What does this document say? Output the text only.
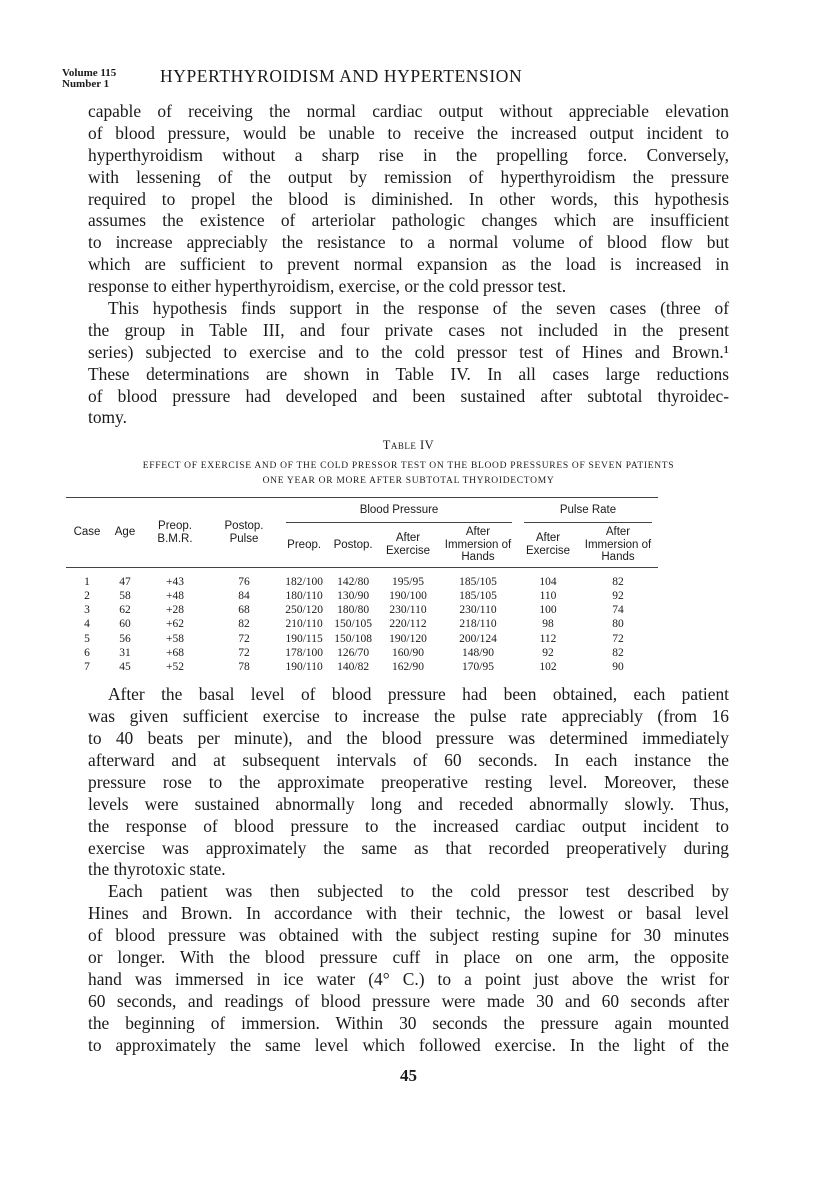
Volume 115
Number 1	HYPERTHYROIDISM AND HYPERTENSION
capable of receiving the normal cardiac output without appreciable elevation
of blood pressure, would be unable to receive the increased output incident to
hyperthyroidism without a sharp rise in the propelling force. Conversely,
with lessening of the output by remission of hyperthyroidism the pressure
required to propel the blood is diminished. In other words, this hypothesis
assumes the existence of arteriolar pathologic changes which are insufficient
to increase appreciably the resistance to a normal volume of blood flow but
which are sufficient to prevent normal expansion as the load is increased in
response to either hyperthyroidism, exercise, or the cold pressor test.
This hypothesis finds support in the response of the seven cases (three of
the group in Table III, and four private cases not included in the present
series) subjected to exercise and to the cold pressor test of Hines and Brown.¹
These determinations are shown in Table IV. In all cases large reductions
of blood pressure had developed and been sustained after subtotal thyroidec-
tomy.
Table IV
EFFECT OF EXERCISE AND OF THE COLD PRESSOR TEST ON THE BLOOD PRESSURES OF SEVEN PATIENTS
ONE YEAR OR MORE AFTER SUBTOTAL THYROIDECTOMY
Case	Age	Preop. B.M.R.	Postop. Pulse	Blood Pressure				Pulse Rate	

				Preop.	Postop.	After Exercise	After Immersion of Hands	After Exercise	After Immersion of Hands
1	47	+43	76	182/100	142/80	195/95	185/105	104	82
2	58	+48	84	180/110	130/90	190/100	185/105	110	92
3	62	+28	68	250/120	180/80	230/110	230/110	100	74
4	60	+62	82	210/110	150/105	220/112	218/110	98	80
5	56	+58	72	190/115	150/108	190/120	200/124	112	72
6	31	+68	72	178/100	126/70	160/90	148/90	92	82
7	45	+52	78	190/110	140/82	162/90	170/95	102	90
After the basal level of blood pressure had been obtained, each patient
was given sufficient exercise to increase the pulse rate appreciably (from 16
to 40 beats per minute), and the blood pressure was determined immediately
afterward and at subsequent intervals of 60 seconds. In each instance the
pressure rose to the approximate preoperative resting level. Moreover, these
levels were sustained abnormally long and receded abnormally slowly. Thus,
the response of blood pressure to the increased cardiac output incident to
exercise was approximately the same as that recorded preoperatively during
the thyrotoxic state.
Each patient was then subjected to the cold pressor test described by
Hines and Brown. In accordance with their technic, the lowest or basal level
of blood pressure was obtained with the subject resting supine for 30 minutes
or longer. With the blood pressure cuff in place on one arm, the opposite
hand was immersed in ice water (4° C.) to a point just above the wrist for
60 seconds, and readings of blood pressure were made 30 and 60 seconds after
the beginning of immersion. Within 30 seconds the pressure again mounted
to approximately the same level which followed exercise. In the light of the
45
